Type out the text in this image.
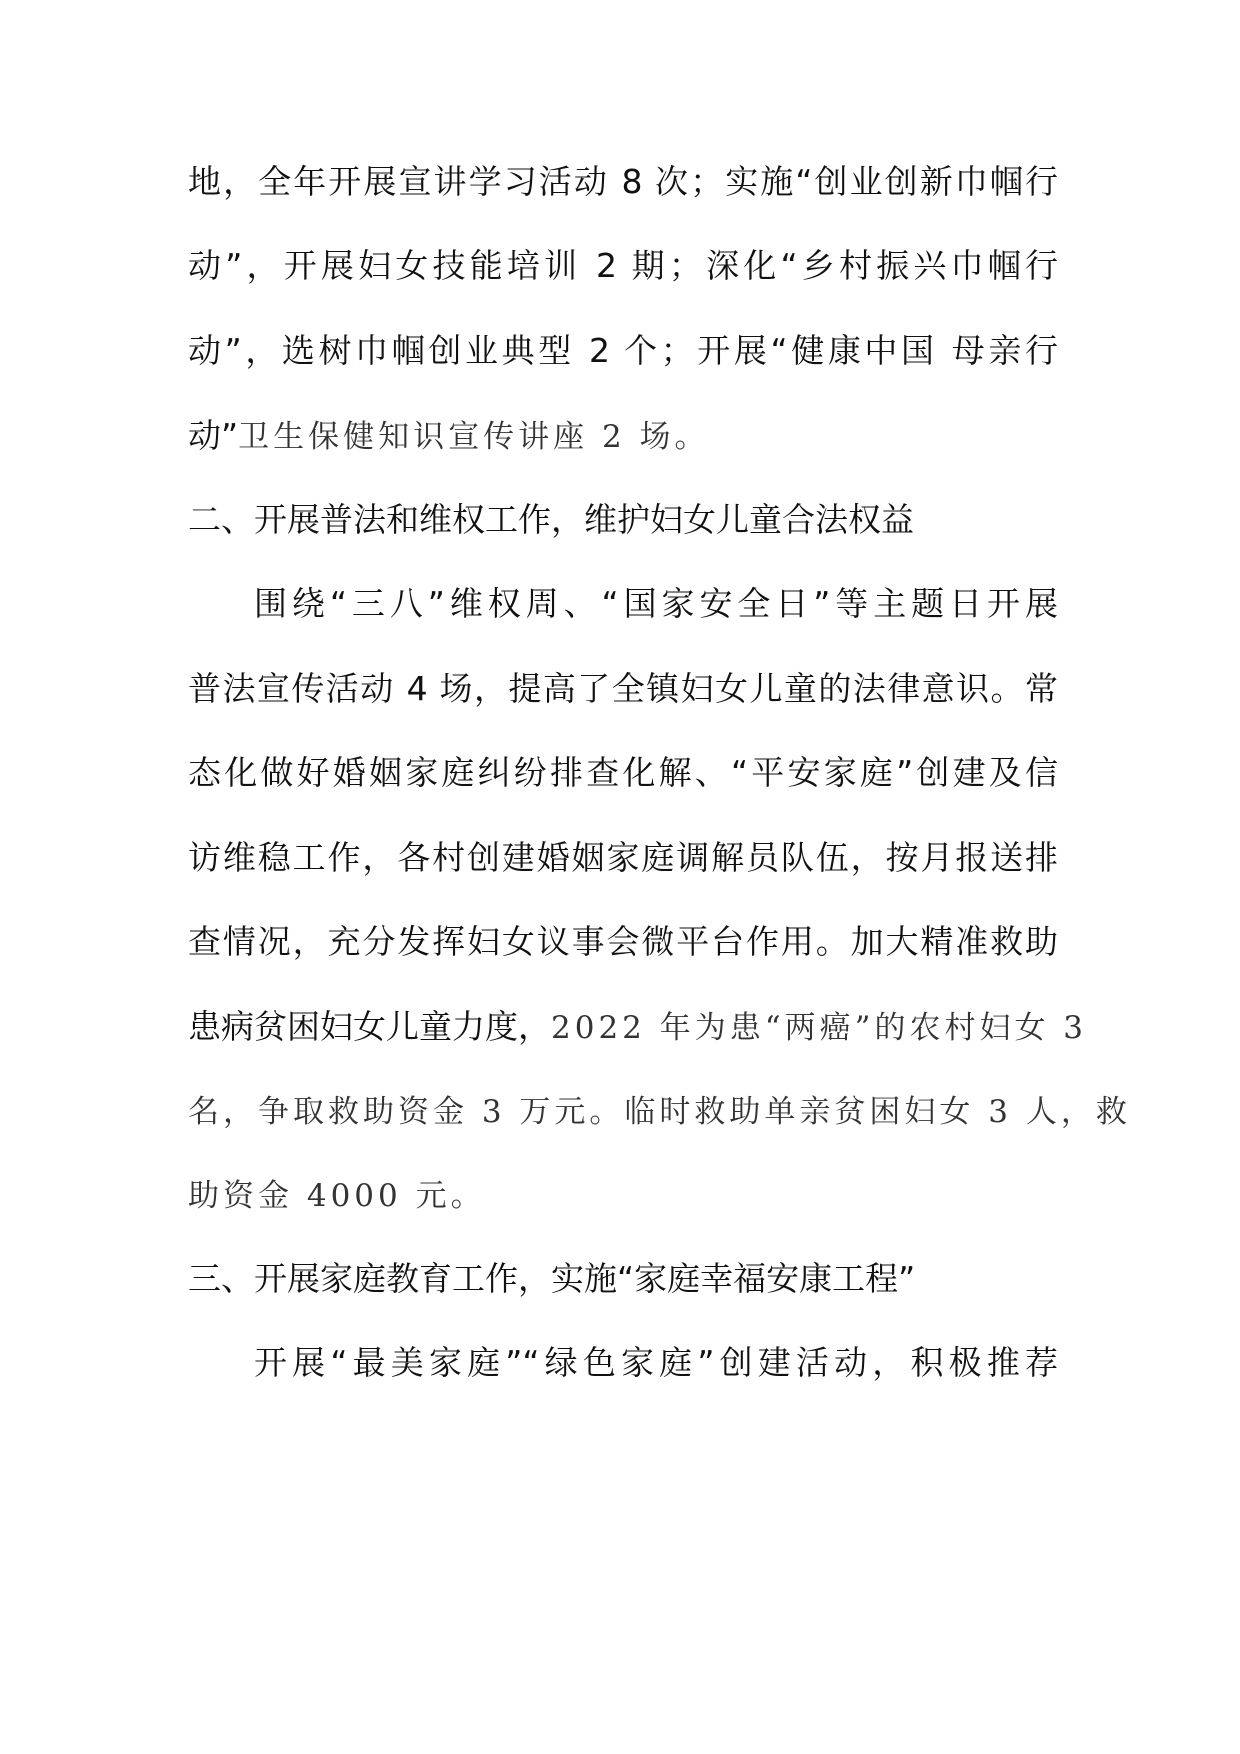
地，全年开展宣讲学习活动 8 次；实施“创业创新巾帼行

动”，开展妇女技能培训 2 期；深化“乡村振兴巾帼行

动”，选树巾帼创业典型 2 个；开展“健康中国 母亲行

动”卫生保健知识宣传讲座 2 场。

二、开展普法和维权工作，维护妇女儿童合法权益

围绕“三八”维权周、“国家安全日”等主题日开展

普法宣传活动 4 场，提高了全镇妇女儿童的法律意识。常

态化做好婚姻家庭纠纷排查化解、“平安家庭”创建及信

访维稳工作，各村创建婚姻家庭调解员队伍，按月报送排

查情况，充分发挥妇女议事会微平台作用。加大精准救助

患病贫困妇女儿童力度，2022 年为患“两癌”的农村妇女 3

名，争取救助资金 3 万元。临时救助单亲贫困妇女 3 人，救

助资金 4000 元。

三、开展家庭教育工作，实施“家庭幸福安康工程”

开展“最美家庭”“绿色家庭”创建活动，积极推荐
